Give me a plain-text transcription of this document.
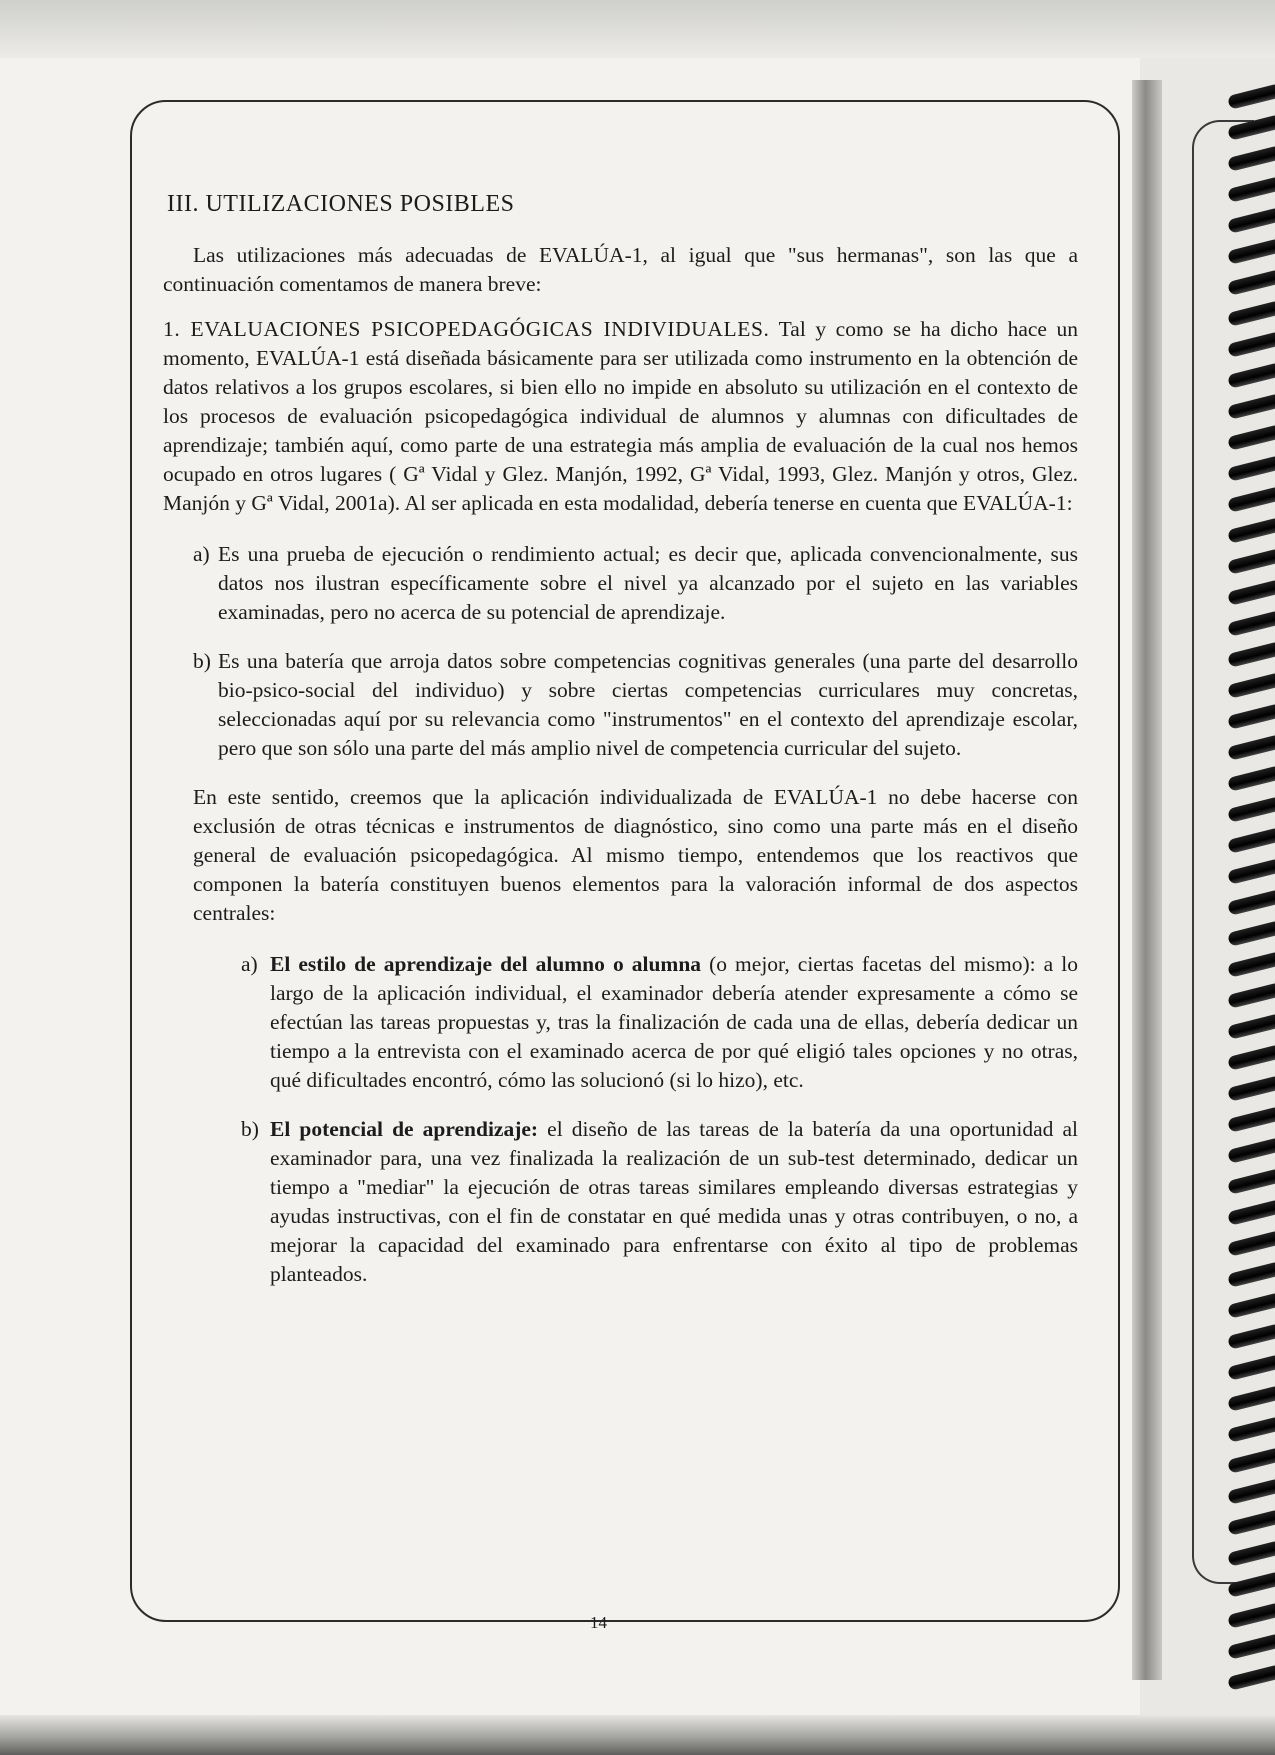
III. UTILIZACIONES POSIBLES

Las utilizaciones más adecuadas de EVALÚA-1, al igual que "sus hermanas", son las que a continuación comentamos de manera breve:

1. EVALUACIONES PSICOPEDAGÓGICAS INDIVIDUALES. Tal y como se ha dicho hace un momento, EVALÚA-1 está diseñada básicamente para ser utilizada como instrumento en la obtención de datos relativos a los grupos escolares, si bien ello no impide en absoluto su utilización en el contexto de los procesos de evaluación psicopedagógica individual de alumnos y alumnas con dificultades de aprendizaje; también aquí, como parte de una estrategia más amplia de evaluación de la cual nos hemos ocupado en otros lugares ( Gª Vidal y Glez. Manjón, 1992, Gª Vidal, 1993, Glez. Manjón y otros, Glez. Manjón y Gª Vidal, 2001a). Al ser aplicada en esta modalidad, debería tenerse en cuenta que EVALÚA-1:

a) Es una prueba de ejecución o rendimiento actual; es decir que, aplicada convencionalmente, sus datos nos ilustran específicamente sobre el nivel ya alcanzado por el sujeto en las variables examinadas, pero no acerca de su potencial de aprendizaje.
b) Es una batería que arroja datos sobre competencias cognitivas generales (una parte del desarrollo bio-psico-social del individuo) y sobre ciertas competencias curriculares muy concretas, seleccionadas aquí por su relevancia como "instrumentos" en el contexto del aprendizaje escolar, pero que son sólo una parte del más amplio nivel de competencia curricular del sujeto.

En este sentido, creemos que la aplicación individualizada de EVALÚA-1 no debe hacerse con exclusión de otras técnicas e instrumentos de diagnóstico, sino como una parte más en el diseño general de evaluación psicopedagógica. Al mismo tiempo, entendemos que los reactivos que componen la batería constituyen buenos elementos para la valoración informal de dos aspectos centrales:

a) El estilo de aprendizaje del alumno o alumna (o mejor, ciertas facetas del mismo): a lo largo de la aplicación individual, el examinador debería atender expresamente a cómo se efectúan las tareas propuestas y, tras la finalización de cada una de ellas, debería dedicar un tiempo a la entrevista con el examinado acerca de por qué eligió tales opciones y no otras, qué dificultades encontró, cómo las solucionó (si lo hizo), etc.
b) El potencial de aprendizaje: el diseño de las tareas de la batería da una oportunidad al examinador para, una vez finalizada la realización de un sub-test determinado, dedicar un tiempo a "mediar" la ejecución de otras tareas similares empleando diversas estrategias y ayudas instructivas, con el fin de constatar en qué medida unas y otras contribuyen, o no, a mejorar la capacidad del examinado para enfrentarse con éxito al tipo de problemas planteados.
14
